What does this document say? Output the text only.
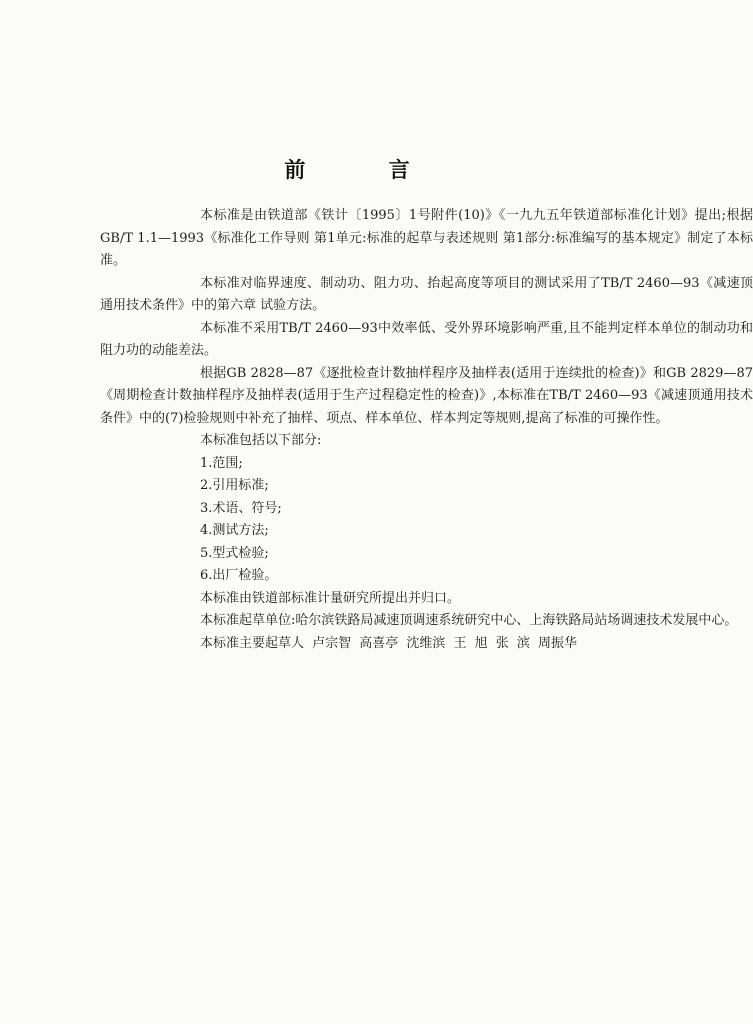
前 言

本标准是由铁道部《铁计〔1995〕1号附件(10)》《一九九五年铁道部标准化计划》提出;根据GB/T 1.1—1993《标准化工作导则 第1单元:标准的起草与表述规则 第1部分:标准编写的基本规定》制定了本标准。

本标准对临界速度、制动功、阻力功、抬起高度等项目的测试采用了TB/T 2460—93《减速顶通用技术条件》中的第六章 试验方法。

本标准不采用TB/T 2460—93中效率低、受外界环境影响严重,且不能判定样本单位的制动功和阻力功的动能差法。

根据GB 2828—87《逐批检查计数抽样程序及抽样表(适用于连续批的检查)》和GB 2829—87《周期检查计数抽样程序及抽样表(适用于生产过程稳定性的检查)》,本标准在TB/T 2460—93《减速顶通用技术条件》中的(7)检验规则中补充了抽样、项点、样本单位、样本判定等规则,提高了标准的可操作性。

本标准包括以下部分:

1.范围;

2.引用标准;

3.术语、符号;

4.测试方法;

5.型式检验;

6.出厂检验。

本标准由铁道部标准计量研究所提出并归口。

本标准起草单位:哈尔滨铁路局减速顶调速系统研究中心、上海铁路局站场调速技术发展中心。

本标准主要起草人 卢宗智 高喜亭 沈维滨 王 旭 张 滨 周振华
